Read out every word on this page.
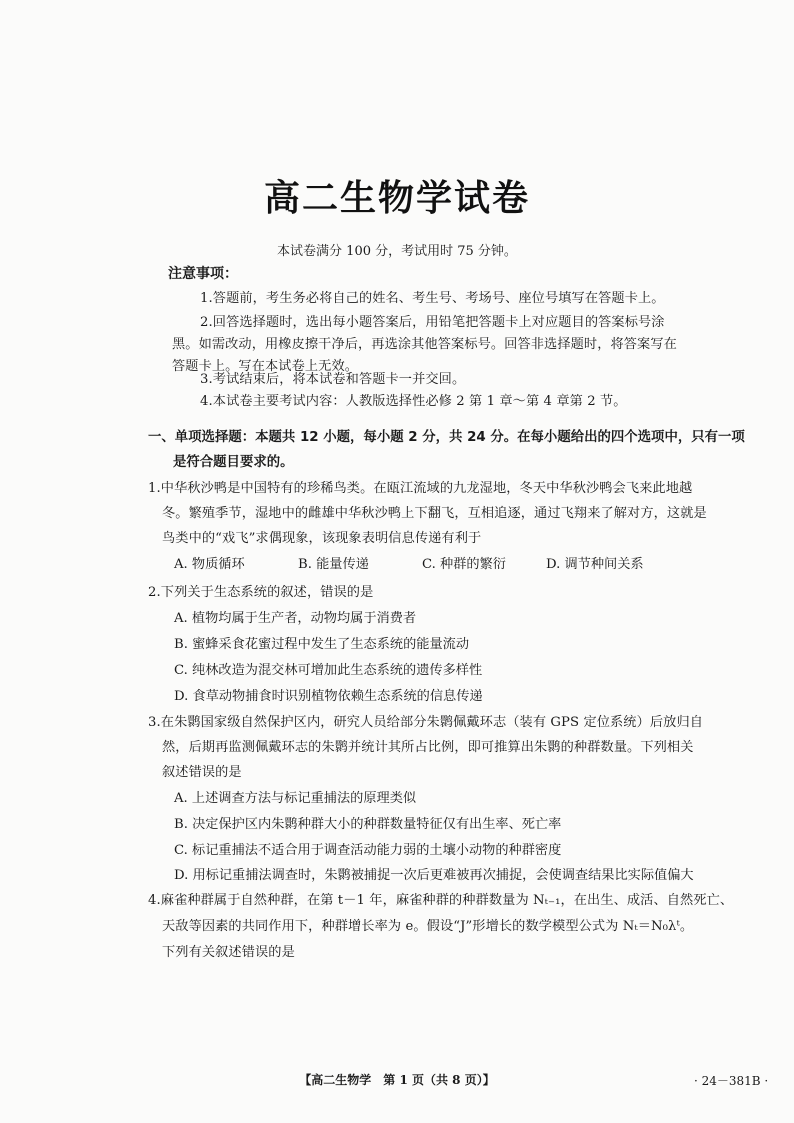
高二生物学试卷
本试卷满分 100 分，考试用时 75 分钟。
注意事项：
1.答题前，考生务必将自己的姓名、考生号、考场号、座位号填写在答题卡上。
2.回答选择题时，选出每小题答案后，用铅笔把答题卡上对应题目的答案标号涂
黑。如需改动，用橡皮擦干净后，再选涂其他答案标号。回答非选择题时，将答案写在
答题卡上。写在本试卷上无效。
3.考试结束后，将本试卷和答题卡一并交回。
4.本试卷主要考试内容：人教版选择性必修 2 第 1 章～第 4 章第 2 节。
一、单项选择题：本题共 12 小题，每小题 2 分，共 24 分。在每小题给出的四个选项中，只有一项
是符合题目要求的。
1.中华秋沙鸭是中国特有的珍稀鸟类。在瓯江流域的九龙湿地，冬天中华秋沙鸭会飞来此地越
冬。繁殖季节，湿地中的雌雄中华秋沙鸭上下翻飞，互相追逐，通过飞翔来了解对方，这就是
鸟类中的“戏飞”求偶现象，该现象表明信息传递有利于
A. 物质循环	B. 能量传递	C. 种群的繁衍	D. 调节种间关系
2.下列关于生态系统的叙述，错误的是
A. 植物均属于生产者，动物均属于消费者
B. 蜜蜂采食花蜜过程中发生了生态系统的能量流动
C. 纯林改造为混交林可增加此生态系统的遗传多样性
D. 食草动物捕食时识别植物依赖生态系统的信息传递
3.在朱鹮国家级自然保护区内，研究人员给部分朱鹮佩戴环志（装有 GPS 定位系统）后放归自
然，后期再监测佩戴环志的朱鹮并统计其所占比例，即可推算出朱鹮的种群数量。下列相关
叙述错误的是
A. 上述调查方法与标记重捕法的原理类似
B. 决定保护区内朱鹮种群大小的种群数量特征仅有出生率、死亡率
C. 标记重捕法不适合用于调查活动能力弱的土壤小动物的种群密度
D. 用标记重捕法调查时，朱鹮被捕捉一次后更难被再次捕捉，会使调查结果比实际值偏大
4.麻雀种群属于自然种群，在第 t－1 年，麻雀种群的种群数量为 Nₜ₋₁，在出生、成活、自然死亡、
天敌等因素的共同作用下，种群增长率为 e。假设“J”形增长的数学模型公式为 Nₜ＝N₀λᵗ。
下列有关叙述错误的是
【高二生物学　第 1 页（共 8 页）】	· 24－381B ·
